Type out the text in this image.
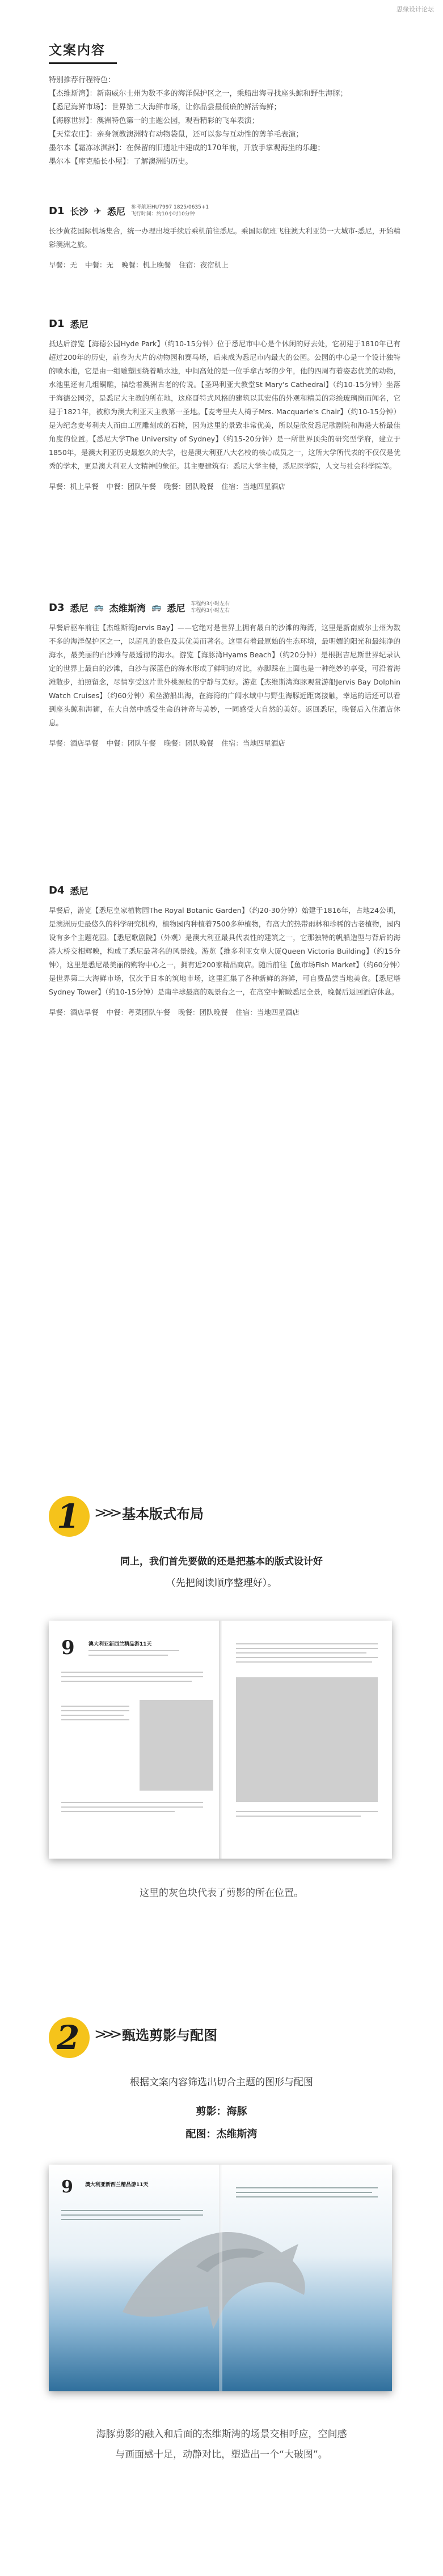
思缘设计论坛
文案内容

特别推荐行程特色：

【杰维斯湾】：新南威尔士州为数不多的海洋保护区之一，乘船出海寻找座头鲸和野生海豚；

【悉尼海鲜市场】：世界第二大海鲜市场，让你品尝最低廉的鲜活海鲜；

【海豚世界】：澳洲特色第一的主题公园，观看精彩的飞车表演；

【天堂农庄】：亲身领教澳洲特有动物袋鼠，还可以参与互动性的剪羊毛表演；

墨尔本【霜冻冰淇淋】：在保留的旧遗址中建成的170年前，开放手掌观海坐的乐趣；

墨尔本【库克船长小屋】：了解澳洲的历史。

D1 长沙 ✈ 悉尼 参考航班HU7997 1825/0635+1
飞行时间：约10小时10分钟
长沙黄花国际机场集合，统一办理出境手续后乘机前往悉尼。乘国际航班飞往澳大利亚第一大城市-悉尼，开始精彩澳洲之旅。
早餐：无 中餐：无 晚餐：机上晚餐 住宿：夜宿机上
D1 悉尼
抵达后游览【海德公园Hyde Park】（约10-15分钟）位于悉尼市中心是个休闲的好去处，它初建于1810年已有超过200年的历史，前身为大片的动物园和赛马场，后来成为悉尼市内最大的公园。公园的中心是一个设计独特的喷水池，它是由一组雕塑围绕着喷水池，中间高处的是一位手拿古琴的少年，他的四周有着姿态优美的动物，水池里还有几组铜雕，描绘着澳洲古老的传说。【圣玛利亚大教堂St Mary's Cathedral】（约10-15分钟）坐落于海德公园旁，是悉尼大主教的所在地，这座哥特式风格的建筑以其宏伟的外观和精美的彩绘玻璃窗而闻名，它建于1821年，被称为澳大利亚天主教第一圣地。【麦考里夫人椅子Mrs. Macquarie's Chair】（约10-15分钟）是为纪念麦考利夫人而由工匠雕刻成的石椅，因为这里的景致非常优美，所以是欣赏悉尼歌剧院和海港大桥最佳角度的位置。【悉尼大学The University of Sydney】（约15-20分钟）是一所世界顶尖的研究型学府，建立于1850年，是澳大利亚历史最悠久的大学，也是澳大利亚八大名校的核心成员之一，这所大学所代表的不仅仅是优秀的学术，更是澳大利亚人文精神的象征。其主要建筑有：悉尼大学主楼，悉尼医学院，人文与社会科学院等。
早餐：机上早餐 中餐：团队午餐 晚餐：团队晚餐 住宿：当地四星酒店
D3 悉尼 🚌 杰维斯湾 🚌 悉尼 车程约3小时左右
车程约3小时左右
早餐后驱车前往【杰维斯湾Jervis Bay】——它绝对是世界上拥有最白的沙滩的海湾，这里是新南威尔士州为数不多的海洋保护区之一，以超凡的景色及其优美而著名。这里有着最原始的生态环境，最明媚的阳光和最纯净的海水，最美丽的白沙滩与最透彻的海水。游览【海豚湾Hyams Beach】（约20分钟）是根据吉尼斯世界纪录认定的世界上最白的沙滩，白沙与深蓝色的海水形成了鲜明的对比，赤脚踩在上面也是一种绝妙的享受，可沿着海滩散步，拍照留念，尽情享受这片世外桃源般的宁静与美好。游览【杰维斯湾海豚观赏游船Jervis Bay Dolphin Watch Cruises】（约60分钟）乘坐游船出海，在海湾的广阔水域中与野生海豚近距离接触，幸运的话还可以看到座头鲸和海狮，在大自然中感受生命的神奇与美妙，一同感受大自然的美好。返回悉尼，晚餐后入住酒店休息。
早餐：酒店早餐 中餐：团队午餐 晚餐：团队晚餐 住宿：当地四星酒店
D4 悉尼
早餐后，游览【悉尼皇家植物园The Royal Botanic Garden】（约20-30分钟）始建于1816年，占地24公顷，是澳洲历史最悠久的科学研究机构，植物园内种植着7500多种植物，有高大的热带雨林和珍稀的古老植物，园内设有多个主题花园。【悉尼歌剧院】（外观）是澳大利亚最具代表性的建筑之一，它那独特的帆船造型与背后的海港大桥交相辉映，构成了悉尼最著名的风景线。游览【维多利亚女皇大厦Queen Victoria Building】（约15分钟），这里是悉尼最美丽的购物中心之一，拥有近200家精品商店。随后前往【鱼市场Fish Market】（约60分钟）是世界第二大海鲜市场，仅次于日本的筑地市场，这里汇集了各种新鲜的海鲜，可自费品尝当地美食。【悉尼塔Sydney Tower】（约10-15分钟）是南半球最高的观景台之一，在高空中俯瞰悉尼全景，晚餐后返回酒店休息。
早餐：酒店早餐 中餐：粤菜团队午餐 晚餐：团队晚餐 住宿：当地四星酒店
1 >>> 基本版式布局
同上，我们首先要做的还是把基本的版式设计好
（先把阅读顺序整理好）。
9	澳大利亚新西兰精品游11天
这里的灰色块代表了剪影的所在位置。
2 >>> 甄选剪影与配图
根据文案内容筛选出切合主题的图形与配图
剪影：海豚
配图：杰维斯湾
9 澳大利亚新西兰精品游11天
海豚剪影的融入和后面的杰维斯湾的场景交相呼应，空间感
与画面感十足，动静对比，塑造出一个“大破图”。
